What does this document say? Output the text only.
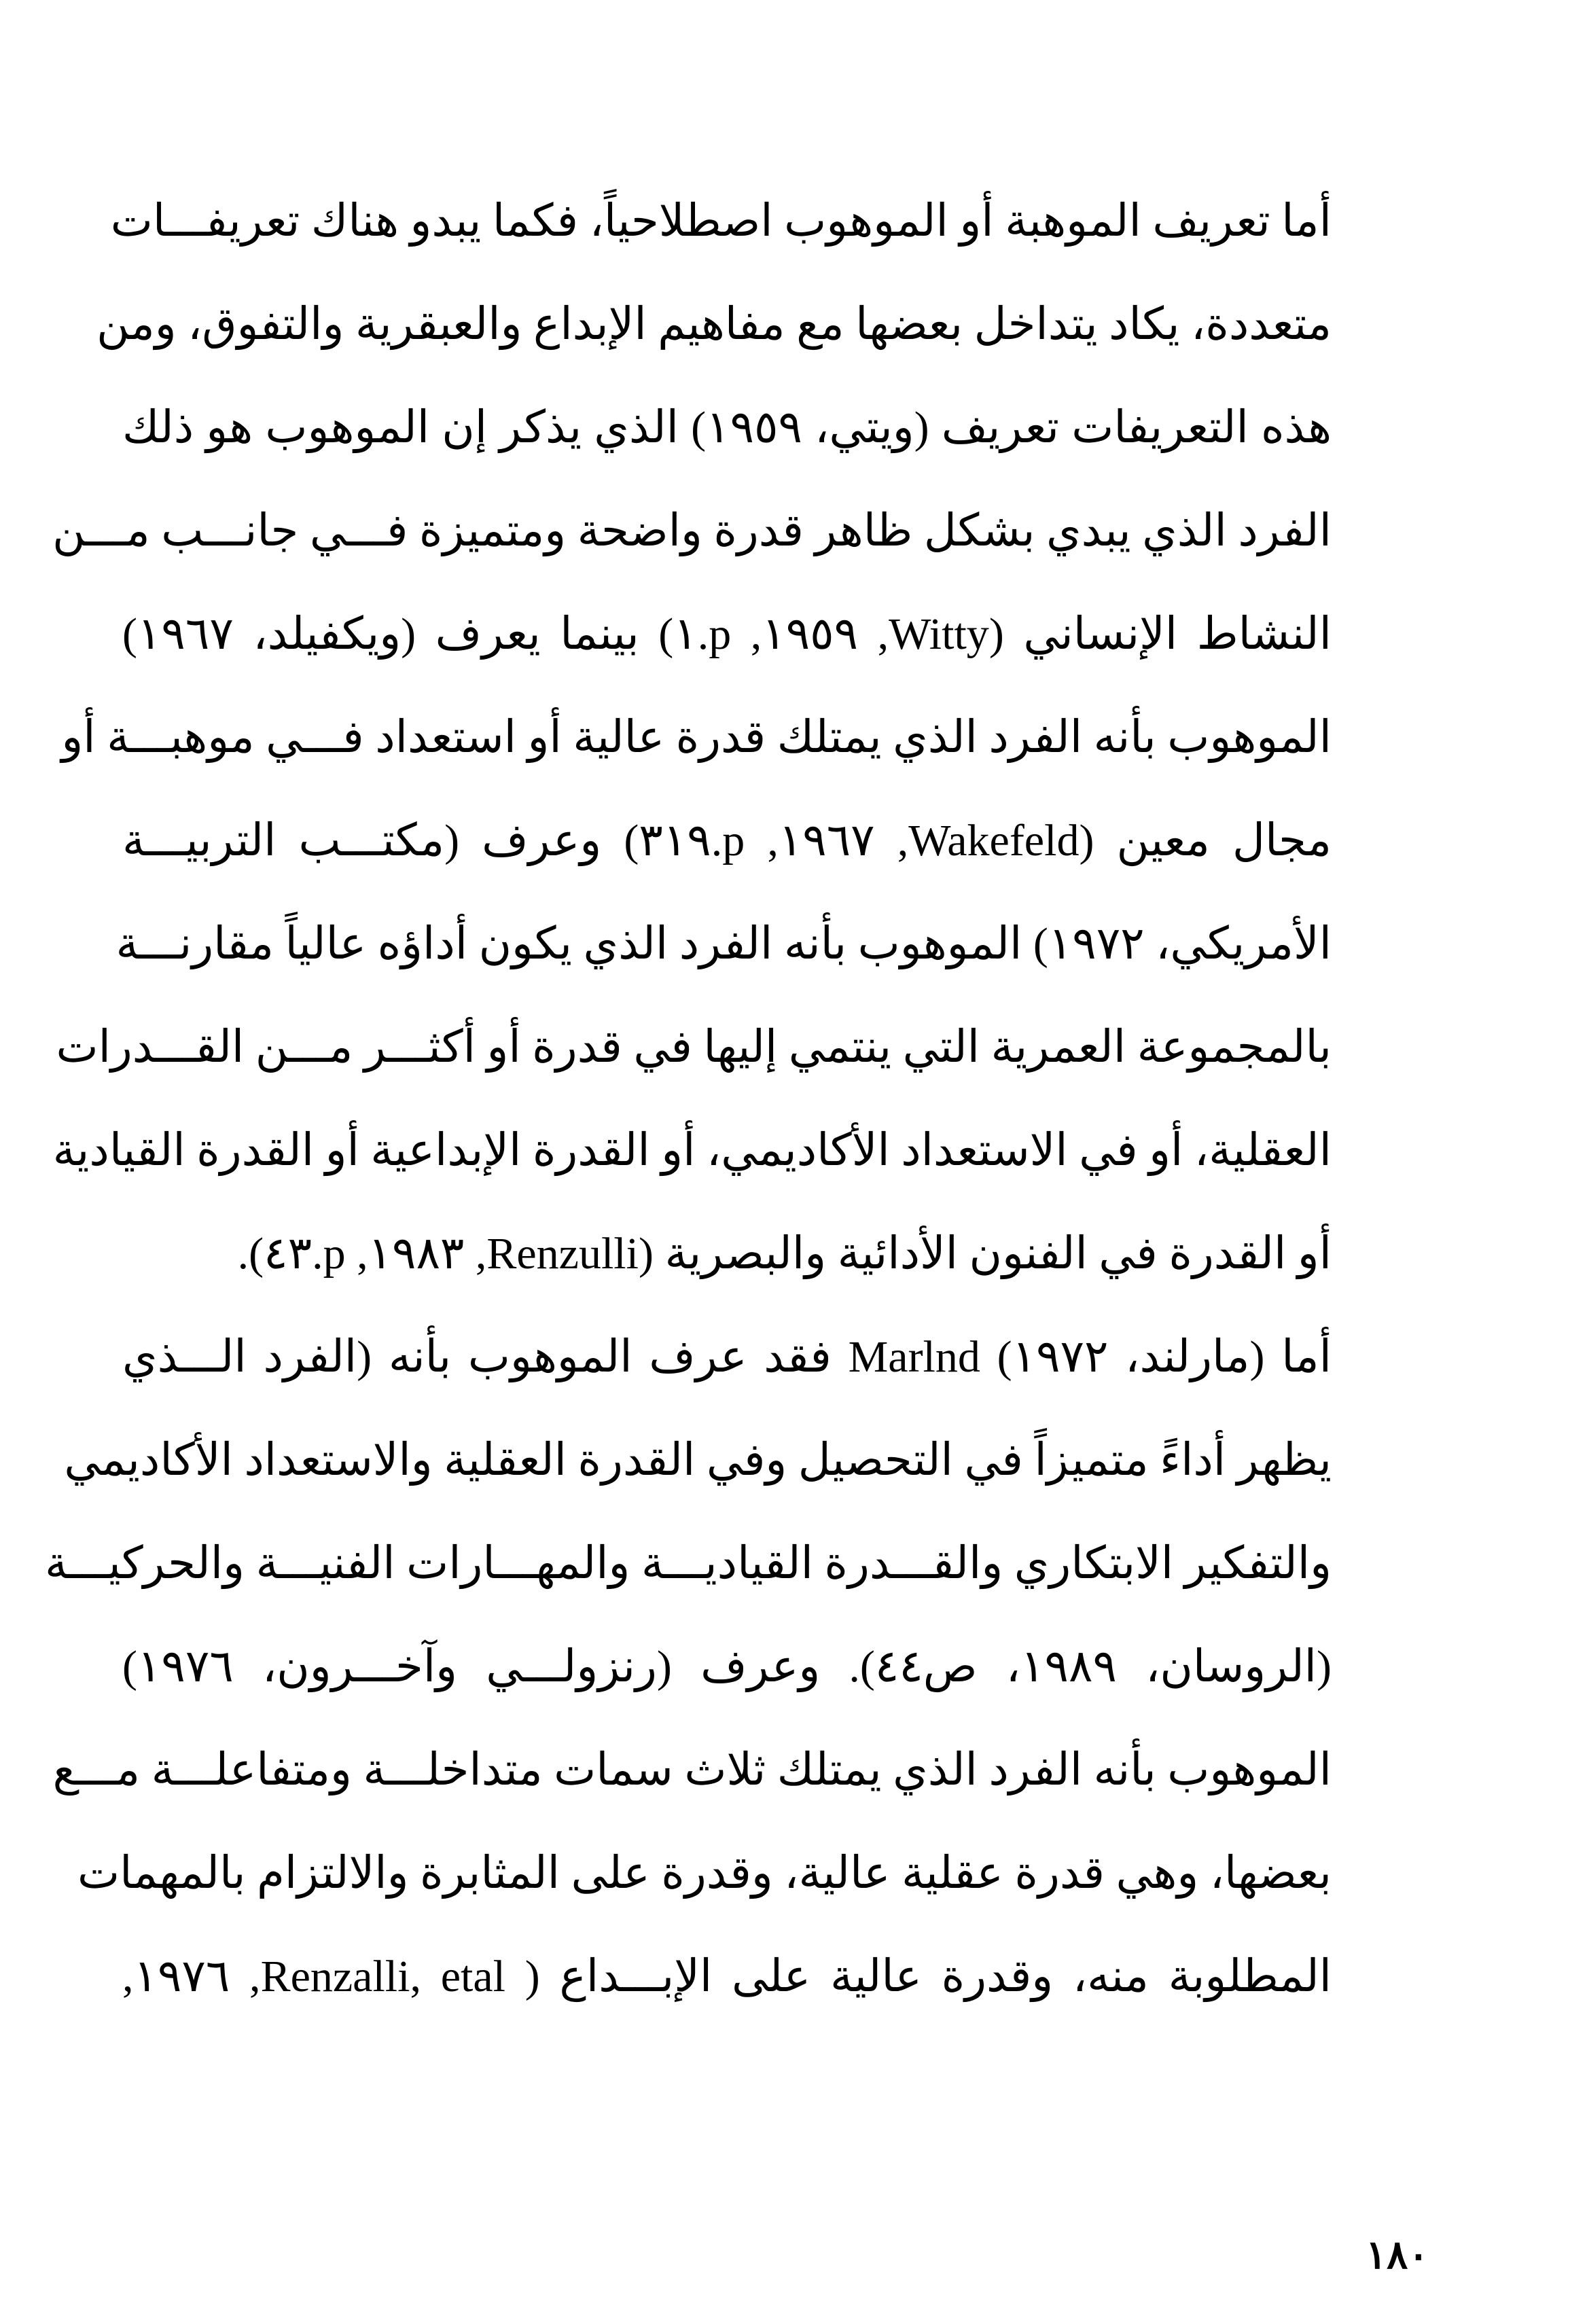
أما تعريف الموهبة أو الموهوب اصطلاحياً، فكما يبدو هناك تعريفـــات
متعددة، يكاد يتداخل بعضها مع مفاهيم الإبداع والعبقرية والتفوق، ومن
هذه التعريفات تعريف (ويتي، ١٩٥٩) الذي يذكر إن الموهوب هو ذلك
الفرد الذي يبدي بشكل ظاهر قدرة واضحة ومتميزة فـــي جانـــب مـــن
النشاط الإنساني (Witty, ١٩٥٩, p.١) بينما يعرف (ويكفيلد، ١٩٦٧)
الموهوب بأنه الفرد الذي يمتلك قدرة عالية أو استعداد فـــي موهبـــة أو
مجال معين (Wakefeld, ١٩٦٧, p.٣١٩) وعرف (مكتـــب التربيـــة
الأمريكي، ١٩٧٢) الموهوب بأنه الفرد الذي يكون أداؤه عالياً مقارنـــة
بالمجموعة العمرية التي ينتمي إليها في قدرة أو أكثـــر مـــن القـــدرات
العقلية، أو في الاستعداد الأكاديمي، أو القدرة الإبداعية أو القدرة القيادية
أو القدرة في الفنون الأدائية والبصرية (Renzulli, ١٩٨٣, p.٤٣).
أما (مارلند، ١٩٧٢) Marlnd فقد عرف الموهوب بأنه (الفرد الـــذي
يظهر أداءً متميزاً في التحصيل وفي القدرة العقلية والاستعداد الأكاديمي
والتفكير الابتكاري والقـــدرة القياديـــة والمهـــارات الفنيـــة والحركيـــة
(الروسان، ١٩٨٩، ص٤٤). وعرف (رنزولـــي وآخـــرون، ١٩٧٦)
الموهوب بأنه الفرد الذي يمتلك ثلاث سمات متداخلـــة ومتفاعلـــة مـــع
بعضها، وهي قدرة عقلية عالية، وقدرة على المثابرة والالتزام بالمهمات
المطلوبة منه، وقدرة عالية على الإبـــداع ( Renzalli, etal, ١٩٧٦,
١٨٠
